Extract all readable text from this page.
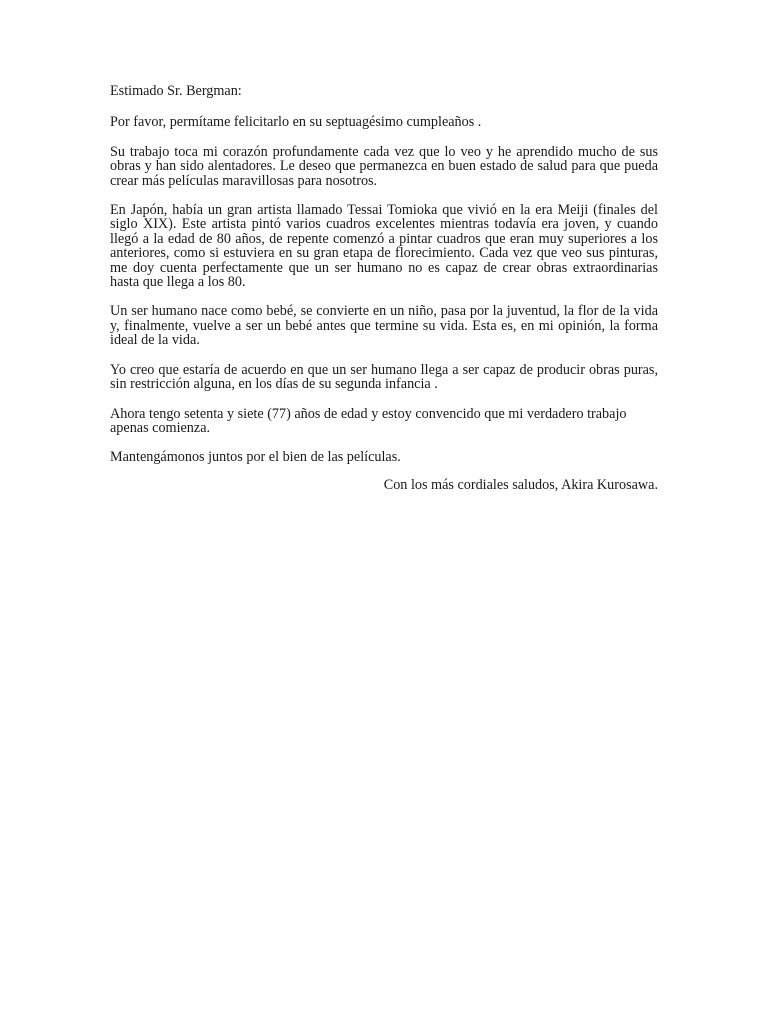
Estimado Sr. Bergman:

Por favor, permítame felicitarlo en su septuagésimo cumpleaños .

Su trabajo toca mi corazón profundamente cada vez que lo veo y he aprendido mucho de sus obras y han sido alentadores. Le deseo que permanezca en buen estado de salud para que pueda crear más películas maravillosas para nosotros.

En Japón, había un gran artista llamado Tessai Tomioka que vivió en la era Meiji (finales del siglo XIX). Este artista pintó varios cuadros excelentes mientras todavía era joven, y cuando llegó a la edad de 80 años, de repente comenzó a pintar cuadros que eran muy superiores a los anteriores, como si estuviera en su gran etapa de florecimiento. Cada vez que veo sus pinturas, me doy cuenta perfectamente que un ser humano no es capaz de crear obras extraordinarias hasta que llega a los 80.

Un ser humano nace como bebé, se convierte en un niño, pasa por la juventud, la flor de la vida y, finalmente, vuelve a ser un bebé antes que termine su vida. Esta es, en mi opinión, la forma ideal de la vida.

Yo creo que estaría de acuerdo en que un ser humano llega a ser capaz de producir obras puras, sin restricción alguna, en los días de su segunda infancia .

Ahora tengo setenta y siete (77) años de edad y estoy convencido que mi verdadero trabajo apenas comienza.

Mantengámonos juntos por el bien de las películas.

Con los más cordiales saludos, Akira Kurosawa.
